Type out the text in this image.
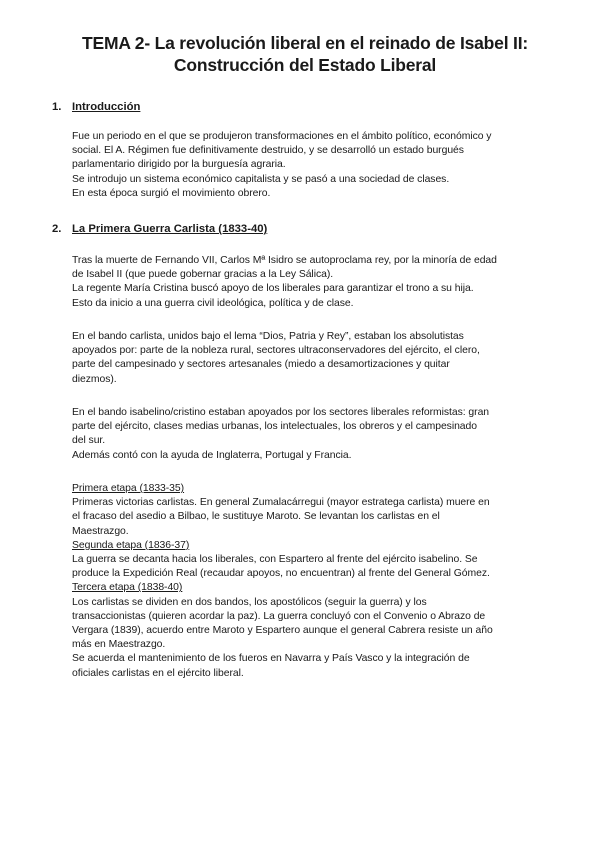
TEMA 2- La revolución liberal en el reinado de Isabel II:
Construcción del Estado Liberal
1. Introducción
Fue un periodo en el que se produjeron transformaciones en el ámbito político, económico y
social. El A. Régimen fue definitivamente destruido, y se desarrolló un estado burgués
parlamentario dirigido por la burguesía agraria.
Se introdujo un sistema económico capitalista y se pasó a una sociedad de clases.
En esta época surgió el movimiento obrero.
2. La Primera Guerra Carlista (1833-40)
Tras la muerte de Fernando VII, Carlos Mª Isidro se autoproclama rey, por la minoría de edad
de Isabel II (que puede gobernar gracias a la Ley Sálica).
La regente María Cristina buscó apoyo de los liberales para garantizar el trono a su hija.
Esto da inicio a una guerra civil ideológica, política y de clase.
En el bando carlista, unidos bajo el lema “Dios, Patria y Rey”, estaban los absolutistas
apoyados por: parte de la nobleza rural, sectores ultraconservadores del ejército, el clero,
parte del campesinado y sectores artesanales (miedo a desamortizaciones y quitar
diezmos).
En el bando isabelino/cristino estaban apoyados por los sectores liberales reformistas: gran
parte del ejército, clases medias urbanas, los intelectuales, los obreros y el campesinado
del sur.
Además contó con la ayuda de Inglaterra, Portugal y Francia.
Primera etapa (1833-35)
Primeras victorias carlistas. En general Zumalacárregui (mayor estratega carlista) muere en
el fracaso del asedio a Bilbao, le sustituye Maroto. Se levantan los carlistas en el
Maestrazgo.
Segunda etapa (1836-37)
La guerra se decanta hacia los liberales, con Espartero al frente del ejército isabelino. Se
produce la Expedición Real (recaudar apoyos, no encuentran) al frente del General Gómez.
Tercera etapa (1838-40)
Los carlistas se dividen en dos bandos, los apostólicos (seguir la guerra) y los
transaccionistas (quieren acordar la paz). La guerra concluyó con el Convenio o Abrazo de
Vergara (1839), acuerdo entre Maroto y Espartero aunque el general Cabrera resiste un año
más en Maestrazgo.
Se acuerda el mantenimiento de los fueros en Navarra y País Vasco y la integración de
oficiales carlistas en el ejército liberal.
